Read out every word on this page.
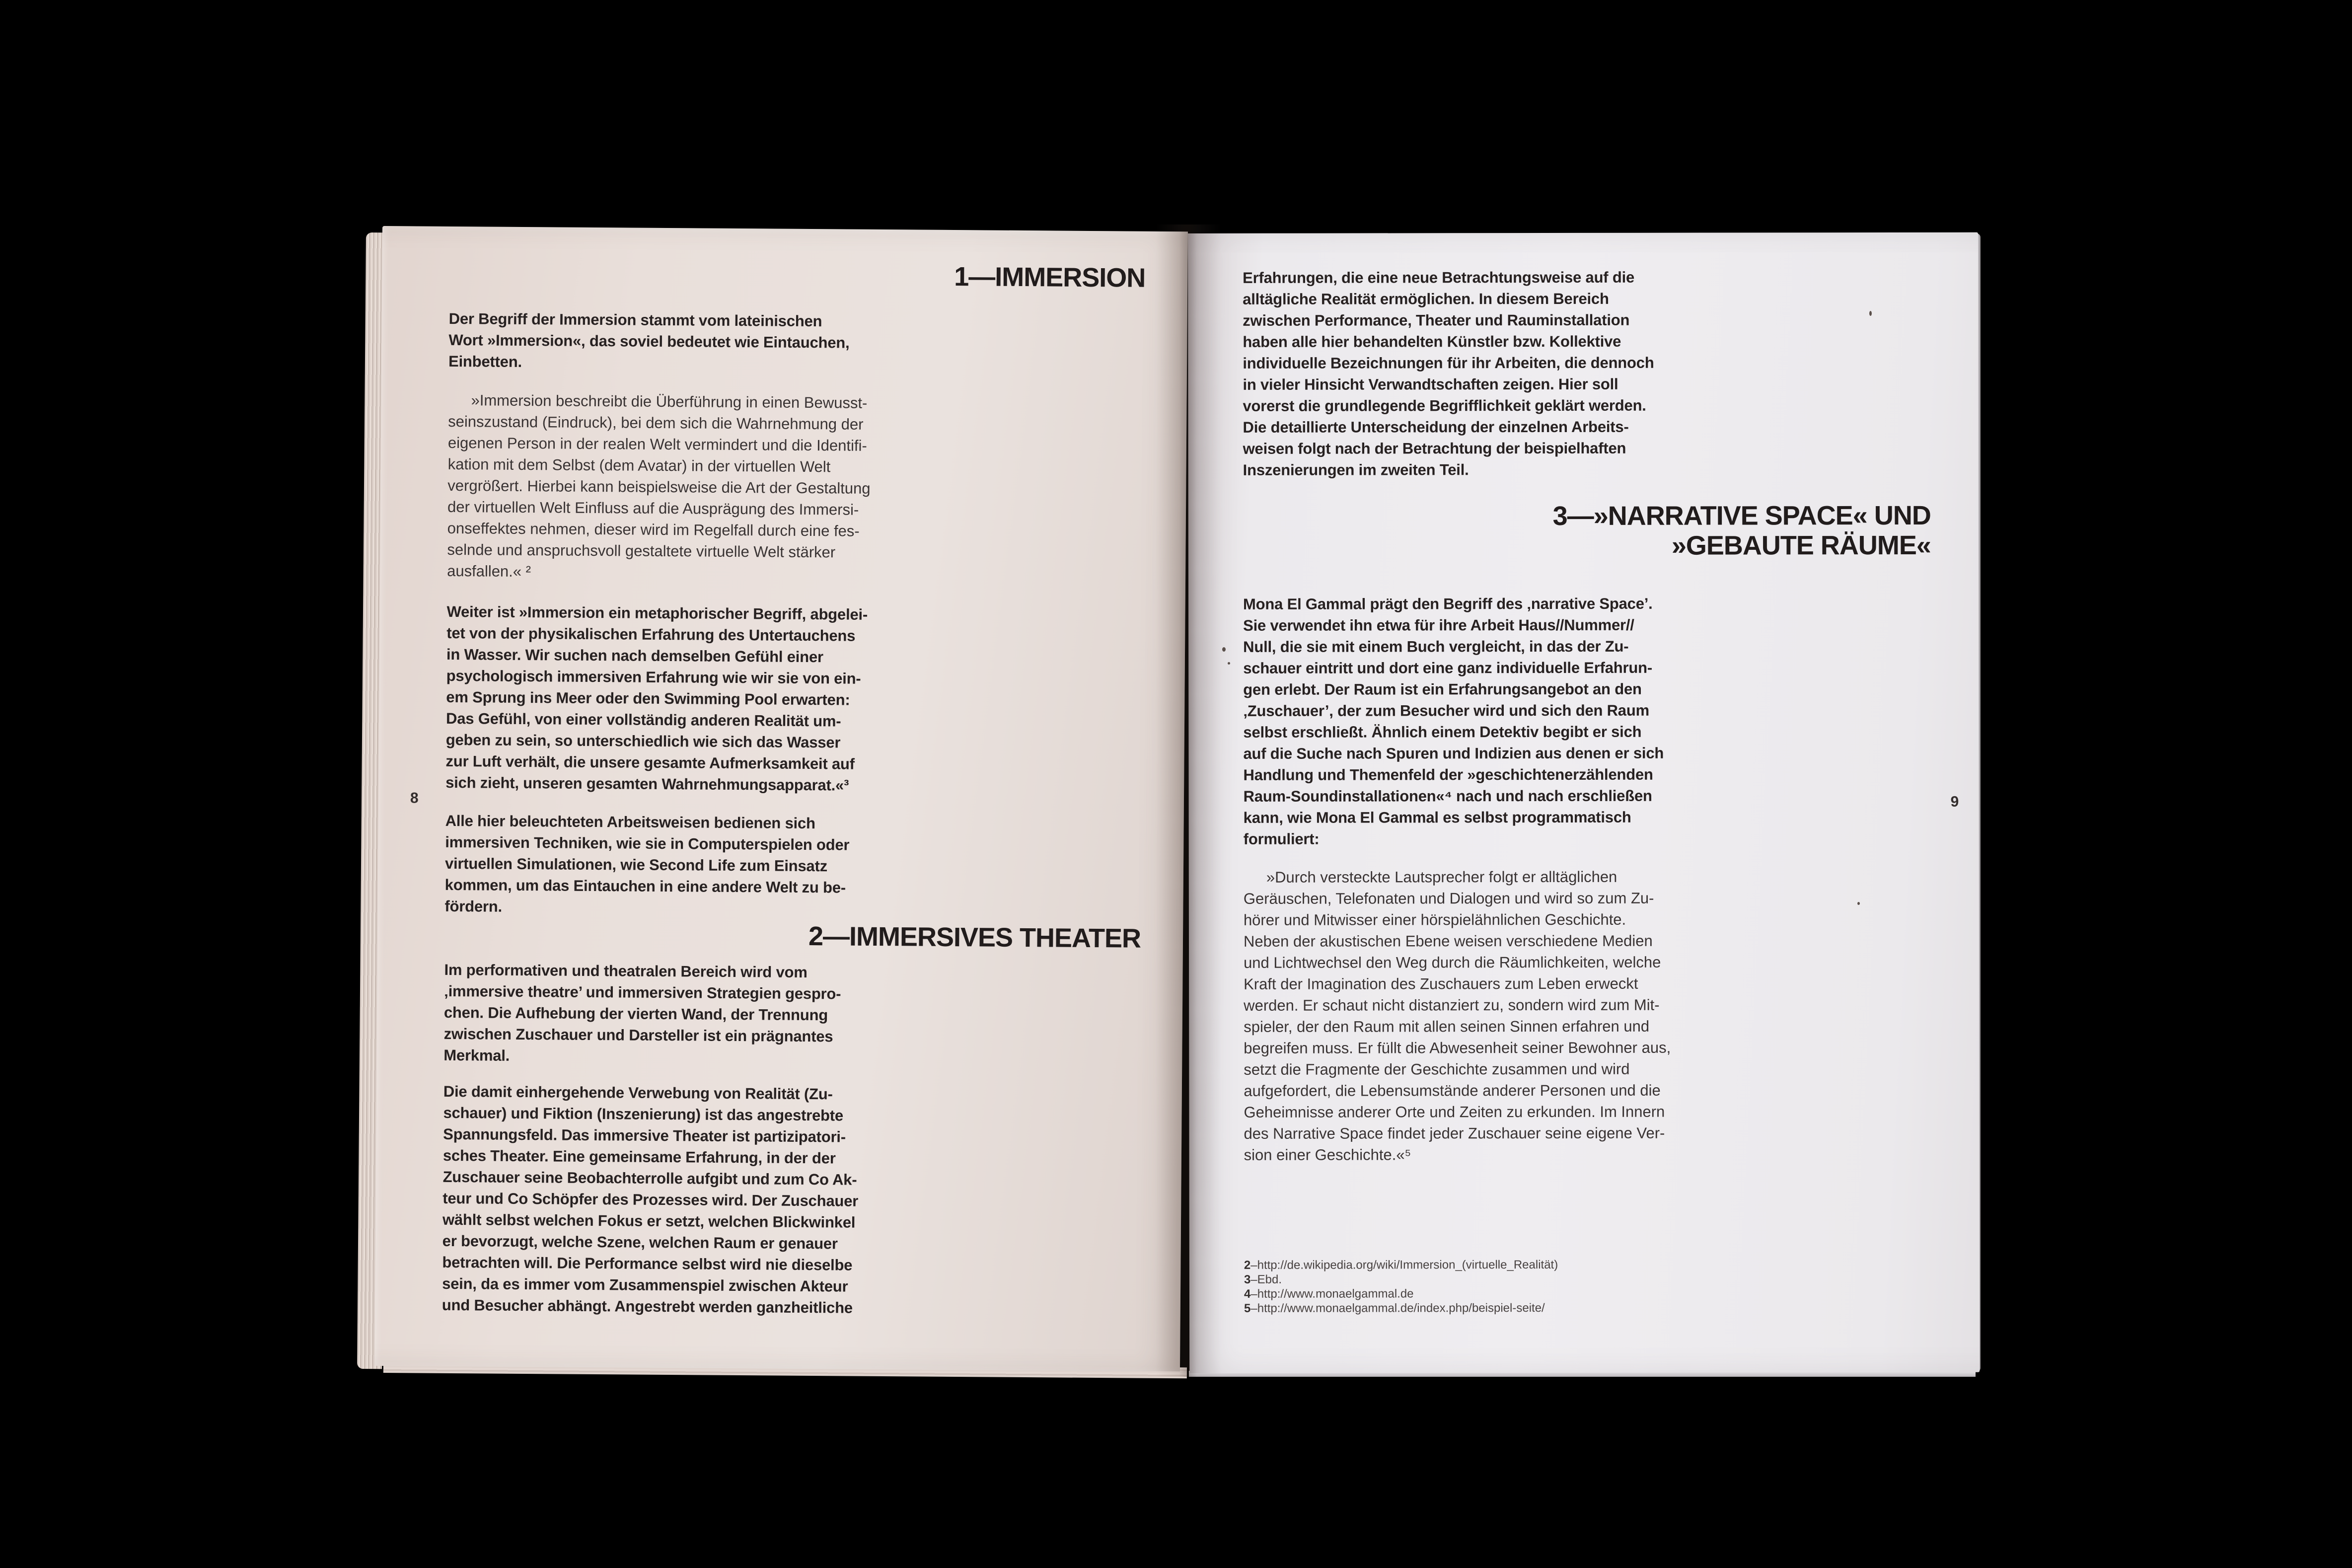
1—IMMERSION
Der Begriff der Immersion stammt vom lateinischen
Wort »Immersion«, das soviel bedeutet wie Eintauchen,
Einbetten.
»Immersion beschreibt die Überführung in einen Bewusst-
seinszustand (Eindruck), bei dem sich die Wahrnehmung der
eigenen Person in der realen Welt vermindert und die Identifi-
kation mit dem Selbst (dem Avatar) in der virtuellen Welt
vergrößert. Hierbei kann beispielsweise die Art der Gestaltung
der virtuellen Welt Einfluss auf die Ausprägung des Immersi-
onseffektes nehmen, dieser wird im Regelfall durch eine fes-
selnde und anspruchsvoll gestaltete virtuelle Welt stärker
ausfallen.« ²
Weiter ist »Immersion ein metaphorischer Begriff, abgelei-
tet von der physikalischen Erfahrung des Untertauchens
in Wasser. Wir suchen nach demselben Gefühl einer
psychologisch immersiven Erfahrung wie wir sie von ein-
em Sprung ins Meer oder den Swimming Pool erwarten:
Das Gefühl, von einer vollständig anderen Realität um-
geben zu sein, so unterschiedlich wie sich das Wasser
zur Luft verhält, die unsere gesamte Aufmerksamkeit auf
sich zieht, unseren gesamten Wahrnehmungsapparat.«³
Alle hier beleuchteten Arbeitsweisen bedienen sich
immersiven Techniken, wie sie in Computerspielen oder
virtuellen Simulationen, wie Second Life zum Einsatz
kommen, um das Eintauchen in eine andere Welt zu be-
fördern.
2—IMMERSIVES THEATER
Im performativen und theatralen Bereich wird vom
‚immersive theatre’ und immersiven Strategien gespro-
chen. Die Aufhebung der vierten Wand, der Trennung
zwischen Zuschauer und Darsteller ist ein prägnantes
Merkmal.
Die damit einhergehende Verwebung von Realität (Zu-
schauer) und Fiktion (Inszenierung) ist das angestrebte
Spannungsfeld. Das immersive Theater ist partizipatori-
sches Theater. Eine gemeinsame Erfahrung, in der der
Zuschauer seine Beobachterrolle aufgibt und zum Co Ak-
teur und Co Schöpfer des Prozesses wird. Der Zuschauer
wählt selbst welchen Fokus er setzt, welchen Blickwinkel
er bevorzugt, welche Szene, welchen Raum er genauer
betrachten will. Die Performance selbst wird nie dieselbe
sein, da es immer vom Zusammenspiel zwischen Akteur
und Besucher abhängt. Angestrebt werden ganzheitliche
8
Erfahrungen, die eine neue Betrachtungsweise auf die
alltägliche Realität ermöglichen. In diesem Bereich
zwischen Performance, Theater und Rauminstallation
haben alle hier behandelten Künstler bzw. Kollektive
individuelle Bezeichnungen für ihr Arbeiten, die dennoch
in vieler Hinsicht Verwandtschaften zeigen. Hier soll
vorerst die grundlegende Begrifflichkeit geklärt werden.
Die detaillierte Unterscheidung der einzelnen Arbeits-
weisen folgt nach der Betrachtung der beispielhaften
Inszenierungen im zweiten Teil.
3—»NARRATIVE SPACE« UND
»GEBAUTE RÄUME«
Mona El Gammal prägt den Begriff des ‚narrative Space’.
Sie verwendet ihn etwa für ihre Arbeit Haus//Nummer//
Null, die sie mit einem Buch vergleicht, in das der Zu-
schauer eintritt und dort eine ganz individuelle Erfahrun-
gen erlebt. Der Raum ist ein Erfahrungsangebot an den
‚Zuschauer’, der zum Besucher wird und sich den Raum
selbst erschließt. Ähnlich einem Detektiv begibt er sich
auf die Suche nach Spuren und Indizien aus denen er sich
Handlung und Themenfeld der »geschichtenerzählenden
Raum-Soundinstallationen«⁴ nach und nach erschließen
kann, wie Mona El Gammal es selbst programmatisch
formuliert:
»Durch versteckte Lautsprecher folgt er alltäglichen
Geräuschen, Telefonaten und Dialogen und wird so zum Zu-
hörer und Mitwisser einer hörspielähnlichen Geschichte.
Neben der akustischen Ebene weisen verschiedene Medien
und Lichtwechsel den Weg durch die Räumlichkeiten, welche
Kraft der Imagination des Zuschauers zum Leben erweckt
werden. Er schaut nicht distanziert zu, sondern wird zum Mit-
spieler, der den Raum mit allen seinen Sinnen erfahren und
begreifen muss. Er füllt die Abwesenheit seiner Bewohner aus,
setzt die Fragmente der Geschichte zusammen und wird
aufgefordert, die Lebensumstände anderer Personen und die
Geheimnisse anderer Orte und Zeiten zu erkunden. Im Innern
des Narrative Space findet jeder Zuschauer seine eigene Ver-
sion einer Geschichte.«⁵
2–http://de.wikipedia.org/wiki/Immersion_(virtuelle_Realität)
3–Ebd.
4–http://www.monaelgammal.de
5–http://www.monaelgammal.de/index.php/beispiel-seite/
9
